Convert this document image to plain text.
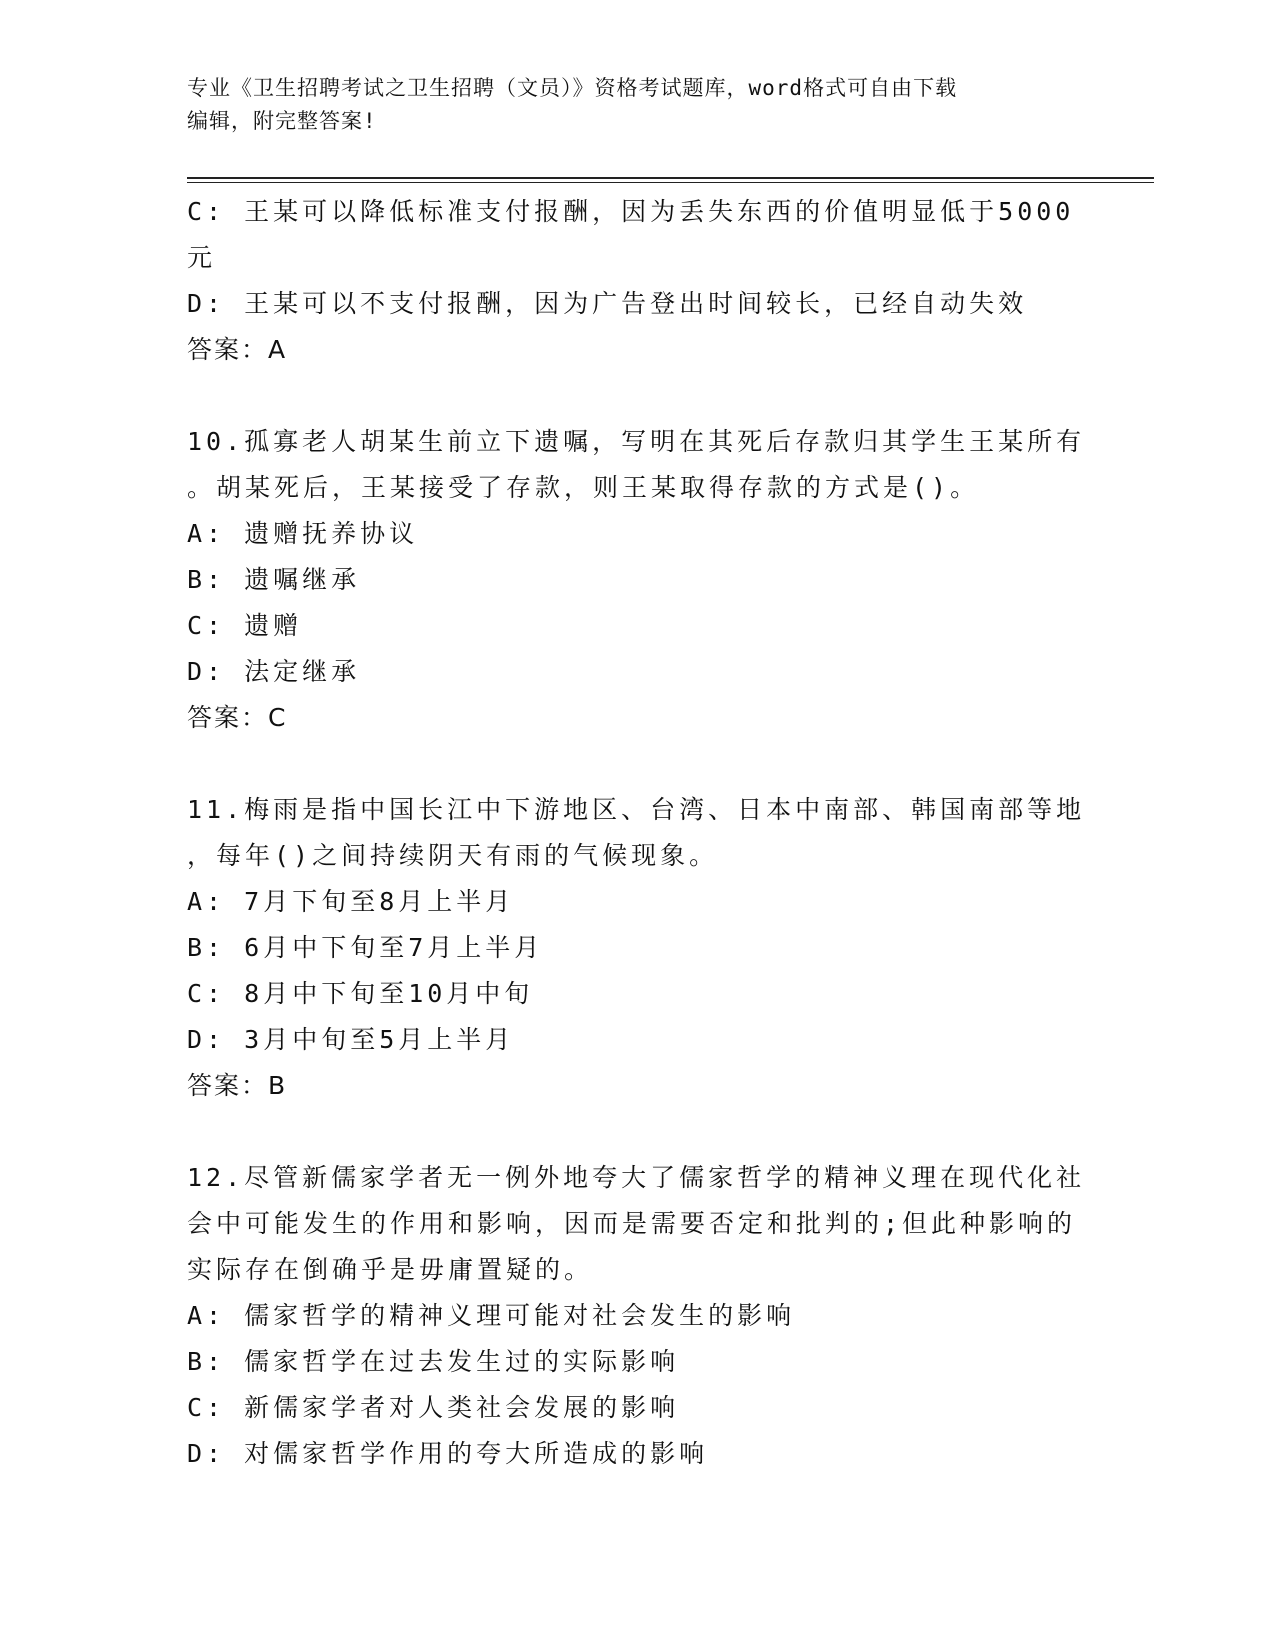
专业《卫生招聘考试之卫生招聘（文员）》资格考试题库，word格式可自由下载
编辑，附完整答案!
C: 王某可以降低标准支付报酬，因为丢失东西的价值明显低于5000
元
D: 王某可以不支付报酬，因为广告登出时间较长，已经自动失效
答案：A
10.孤寡老人胡某生前立下遗嘱，写明在其死后存款归其学生王某所有
。胡某死后，王某接受了存款，则王某取得存款的方式是()。
A: 遗赠抚养协议
B: 遗嘱继承
C: 遗赠
D: 法定继承
答案：C
11.梅雨是指中国长江中下游地区、台湾、日本中南部、韩国南部等地
，每年()之间持续阴天有雨的气候现象。
A: 7月下旬至8月上半月
B: 6月中下旬至7月上半月
C: 8月中下旬至10月中旬
D: 3月中旬至5月上半月
答案：B
12.尽管新儒家学者无一例外地夸大了儒家哲学的精神义理在现代化社
会中可能发生的作用和影响，因而是需要否定和批判的;但此种影响的
实际存在倒确乎是毋庸置疑的。
A: 儒家哲学的精神义理可能对社会发生的影响
B: 儒家哲学在过去发生过的实际影响
C: 新儒家学者对人类社会发展的影响
D: 对儒家哲学作用的夸大所造成的影响
